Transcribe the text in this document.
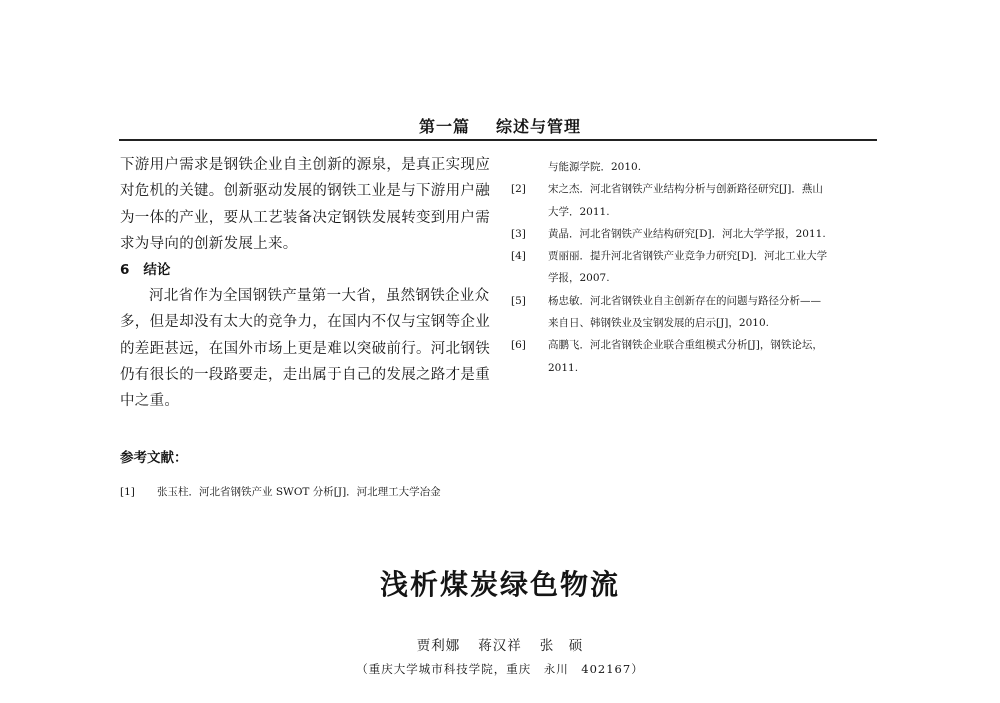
第一篇 综述与管理

下游用户需求是钢铁企业自主创新的源泉，是真正实现应对危机的关键。创新驱动发展的钢铁工业是与下游用户融为一体的产业，要从工艺装备决定钢铁发展转变到用户需求为导向的创新发展上来。

6 结论

河北省作为全国钢铁产量第一大省，虽然钢铁企业众多，但是却没有太大的竞争力，在国内不仅与宝钢等企业的差距甚远，在国外市场上更是难以突破前行。河北钢铁仍有很长的一段路要走，走出属于自己的发展之路才是重中之重。

参考文献：
[1]	张玉柱．河北省钢铁产业 SWOT 分析[J]．河北理工大学冶金
与能源学院．2010.
[2]	宋之杰．河北省钢铁产业结构分析与创新路径研究[J]．燕山
大学．2011.
[3]	黄晶．河北省钢铁产业结构研究[D]．河北大学学报，2011.
[4]	贾丽丽．提升河北省钢铁产业竞争力研究[D]．河北工业大学
学报，2007.
[5]	杨忠敏．河北省钢铁业自主创新存在的问题与路径分析——
来自日、韩钢铁业及宝钢发展的启示[J]，2010.
[6]	高鹏飞．河北省钢铁企业联合重组模式分析[J]，钢铁论坛，
2011.
浅析煤炭绿色物流
贾利娜 蒋汉祥 张　硕
（重庆大学城市科技学院，重庆　永川　402167）
